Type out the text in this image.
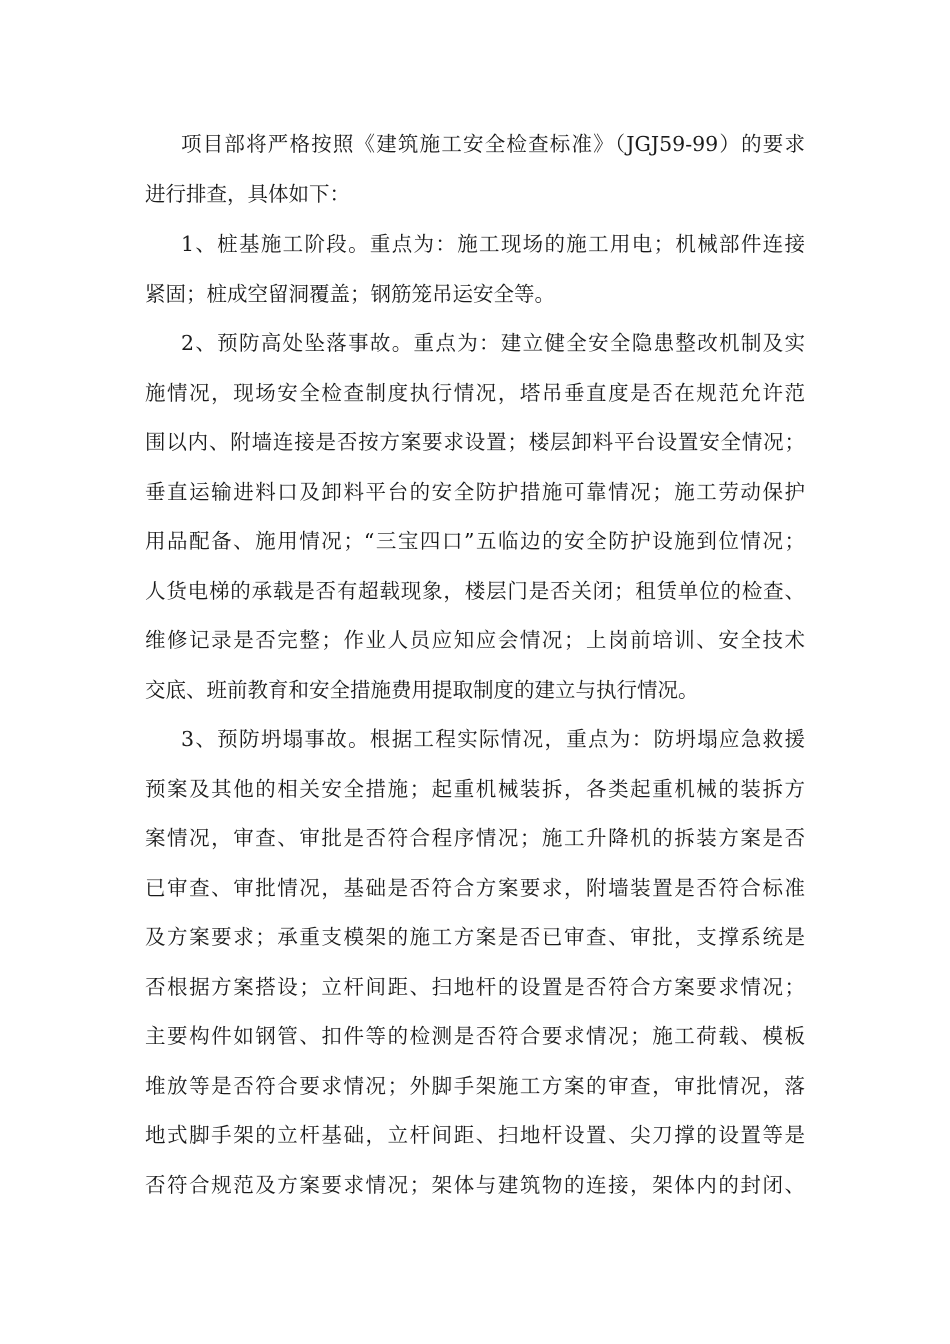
项目部将严格按照《建筑施工安全检查标准》（JGJ59-99）的要求
进行排查，具体如下：
1、桩基施工阶段。重点为：施工现场的施工用电；机械部件连接
紧固；桩成空留洞覆盖；钢筋笼吊运安全等。
2、预防高处坠落事故。重点为：建立健全安全隐患整改机制及实
施情况，现场安全检查制度执行情况，塔吊垂直度是否在规范允许范
围以内、附墙连接是否按方案要求设置；楼层卸料平台设置安全情况；
垂直运输进料口及卸料平台的安全防护措施可靠情况；施工劳动保护
用品配备、施用情况；“三宝四口”五临边的安全防护设施到位情况；
人货电梯的承载是否有超载现象，楼层门是否关闭；租赁单位的检查、
维修记录是否完整；作业人员应知应会情况；上岗前培训、安全技术
交底、班前教育和安全措施费用提取制度的建立与执行情况。
3、预防坍塌事故。根据工程实际情况，重点为：防坍塌应急救援
预案及其他的相关安全措施；起重机械装拆，各类起重机械的装拆方
案情况，审查、审批是否符合程序情况；施工升降机的拆装方案是否
已审查、审批情况，基础是否符合方案要求，附墙装置是否符合标准
及方案要求；承重支模架的施工方案是否已审查、审批，支撑系统是
否根据方案搭设；立杆间距、扫地杆的设置是否符合方案要求情况；
主要构件如钢管、扣件等的检测是否符合要求情况；施工荷载、模板
堆放等是否符合要求情况；外脚手架施工方案的审查，审批情况，落
地式脚手架的立杆基础，立杆间距、扫地杆设置、尖刀撑的设置等是
否符合规范及方案要求情况；架体与建筑物的连接，架体内的封闭、
